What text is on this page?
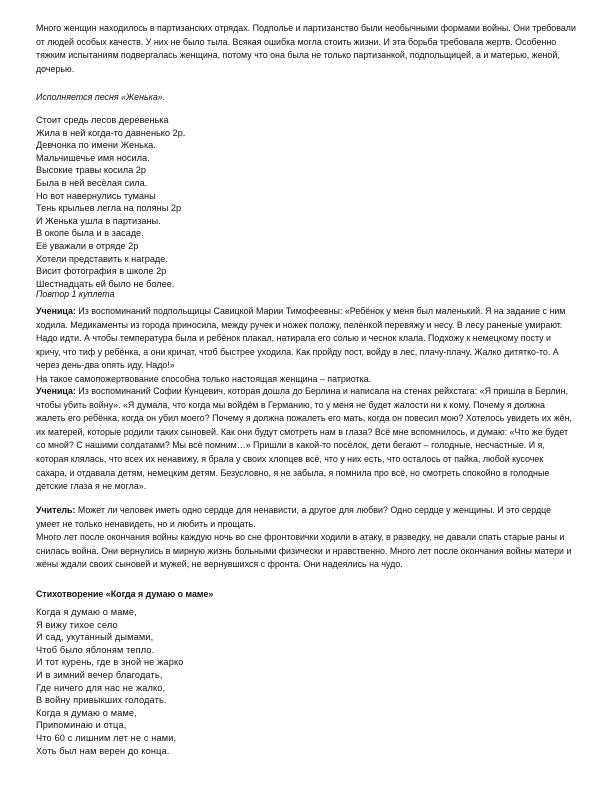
Много женщин находилось в партизанских отрядах. Подполье и партизанство были необычными формами войны. Они требовали от людей особых качеств. У них не было тыла. Всякая ошибка могла стоить жизни. И эта борьба требовала жертв. Особенно тяжким испытаниям подвергалась женщина, потому что она была не только партизанкой, подпольщицей, а и матерью, женой, дочерью.

Исполняется песня «Женька».

Стоит средь лесов деревенька
Жила в ней когда-то давненько 2р.
Девчонка по имени Женька.
Мальчишечье имя носила.
Высокие травы косила 2р
Была в ней весёлая сила.
Но вот навернулись туманы
Тень крыльев легла на поляны 2р
И Женька ушла в партизаны.
В окопе была и в засаде.
Её уважали в отряде 2р
Хотели представить к награде.
Висит фотография в школе 2р
Шестнадцать ей было не более.

Повтор 1 куплета

Ученица: Из воспоминаний подпольщицы Савицкой Марии Тимофеевны: «Ребёнок у меня был маленький. Я на задание с ним ходила. Медикаменты из города приносила, между ручек и ножек положу, пелёнкой перевяжу и несу. В лесу раненые умирают. Надо идти. А чтобы температура была и ребёнок плакал, натирала его солью и чеснок клала. Подхожу к немецкому посту и кричу, что тиф у ребёнка, а они кричат, чтоб быстрее уходила. Как пройду пост, войду в лес, плачу-плачу. Жалко дитятко-то. А через день-два опять иду. Надо!»
На такое самопожертвование способна только настоящая женщина – патриотка.

Ученица: Из воспоминаний Софии Кунцевич, которая дошла до Берлина и написала на стенах рейхстага: «Я пришла в Берлин, чтобы убить войну». «Я думала, что когда мы войдём в Германию, то у меня не будет жалости ни к кому. Почему я должна жалеть его ребёнка, когда он убил моего? Почему я должна пожалеть его мать, когда он повесил мою? Хотелось увидеть их жён, их матерей, которые родили таких сыновей. Как они будут смотреть нам в глаза? Всё мне вспомнилось, и думаю: «Что же будет со мной? С нашими солдатами? Мы всё помним…» Пришли в какой-то посёлок, дети бегают – голодные, несчастные. И я, которая клялась, что всех их ненавижу, я брала у своих хлопцев всё, что у них есть, что осталось от пайка, любой кусочек сахара, и отдавала детям, немецким детям. Безусловно, я не забыла, я помнила про всё, но смотреть спокойно в голодные детские глаза я не могла».

Учитель: Может ли человек иметь одно сердце для ненависти, а другое для любви? Одно сердце у женщины. И это сердце умеет не только ненавидеть, но и любить и прощать.
Много лет после окончания войны каждую ночь во сне фронтовички ходили в атаку, в разведку, не давали спать старые раны и снилась война. Они вернулись в мирную жизнь больными физически и нравственно. Много лет после окончания войны матери и жёны ждали своих сыновей и мужей, не вернувшихся с фронта. Они надеялись на чудо.

Стихотворение «Когда я думаю о маме»

Когда я думаю о маме,
Я вижу тихое село
И сад, укутанный дымами,
Чтоб было яблоням тепло.
И тот курень, где в зной не жарко
И в зимний вечер благодать,
Где ничего для нас не жалко,
В войну привыкших голодать.
Когда я думаю о маме,
Припоминаю и отца,
Что 60 с лишним лет не с нами,
Хоть был нам верен до конца.
